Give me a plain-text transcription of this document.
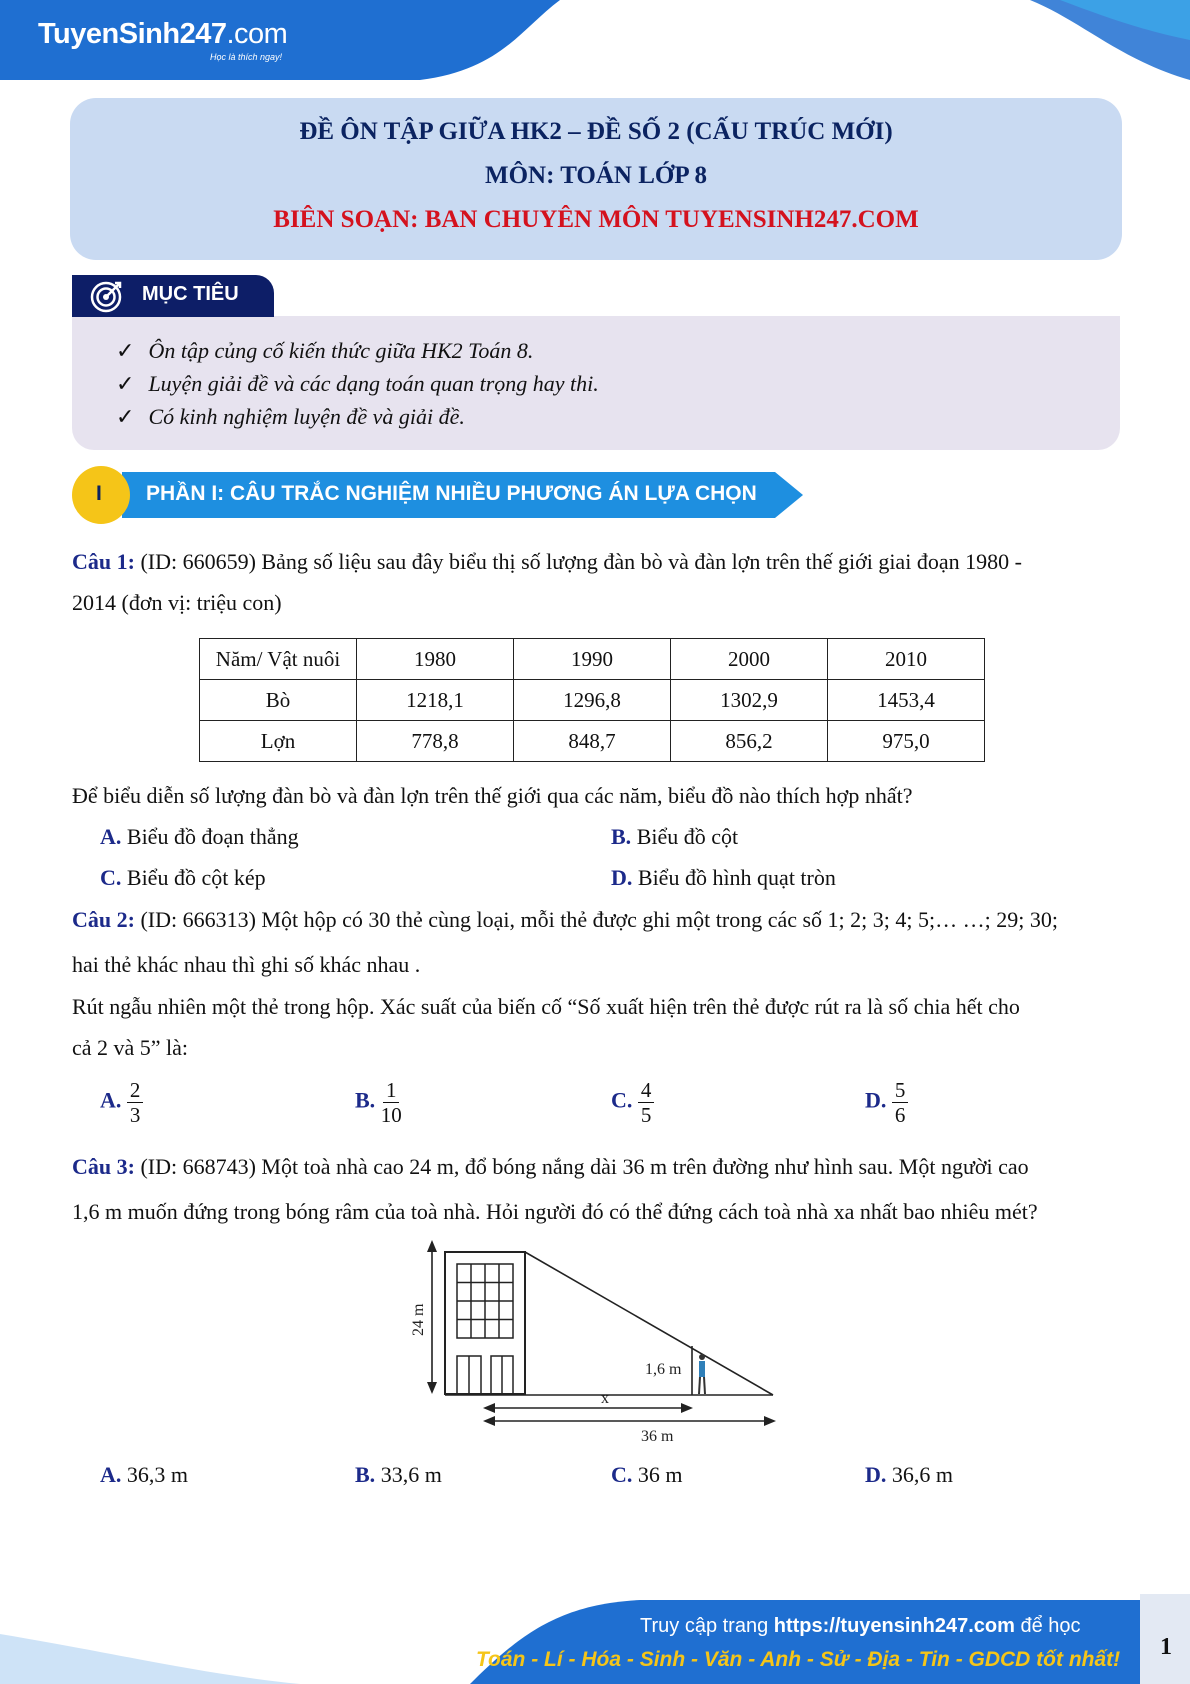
TuyenSinh247.com
Học là thích ngay!
ĐỀ ÔN TẬP GIỮA HK2 – ĐỀ SỐ 2 (CẤU TRÚC MỚI)
MÔN: TOÁN LỚP 8
BIÊN SOẠN: BAN CHUYÊN MÔN TUYENSINH247.COM
MỤC TIÊU
✓ Ôn tập củng cố kiến thức giữa HK2 Toán 8.
✓ Luyện giải đề và các dạng toán quan trọng hay thi.
✓ Có kinh nghiệm luyện đề và giải đề.
I PHẦN I: CÂU TRẮC NGHIỆM NHIỀU PHƯƠNG ÁN LỰA CHỌN
Câu 1: (ID: 660659) Bảng số liệu sau đây biểu thị số lượng đàn bò và đàn lợn trên thế giới giai đoạn 1980 -
2014 (đơn vị: triệu con)
Năm/ Vật nuôi	1980	1990	2000	2010
Bò	1218,1	1296,8	1302,9	1453,4
Lợn	778,8	848,7	856,2	975,0
Để biểu diễn số lượng đàn bò và đàn lợn trên thế giới qua các năm, biểu đồ nào thích hợp nhất?
A. Biểu đồ đoạn thẳng	B. Biểu đồ cột
C. Biểu đồ cột kép	D. Biểu đồ hình quạt tròn
Câu 2: (ID: 666313) Một hộp có 30 thẻ cùng loại, mỗi thẻ được ghi một trong các số 1; 2; 3; 4; 5;… …; 29; 30;
hai thẻ khác nhau thì ghi số khác nhau .
Rút ngẫu nhiên một thẻ trong hộp. Xác suất của biến cố “Số xuất hiện trên thẻ được rút ra là số chia hết cho
cả 2 và 5” là:
A. $\frac{2}{3}$	B. $\frac{1}{10}$	C. $\frac{4}{5}$	D. $\frac{5}{6}$
Câu 3: (ID: 668743) Một toà nhà cao 24 m, đổ bóng nắng dài 36 m trên đường như hình sau. Một người cao
1,6 m muốn đứng trong bóng râm của toà nhà. Hỏi người đó có thể đứng cách toà nhà xa nhất bao nhiêu mét?
24 m
1,6 m
x
36 m
A. 36,3 m	B. 33,6 m	C. 36 m	D. 36,6 m
Truy cập trang https://tuyensinh247.com để học
Toán - Lí - Hóa - Sinh - Văn - Anh - Sử - Địa - Tin - GDCD tốt nhất! 1
